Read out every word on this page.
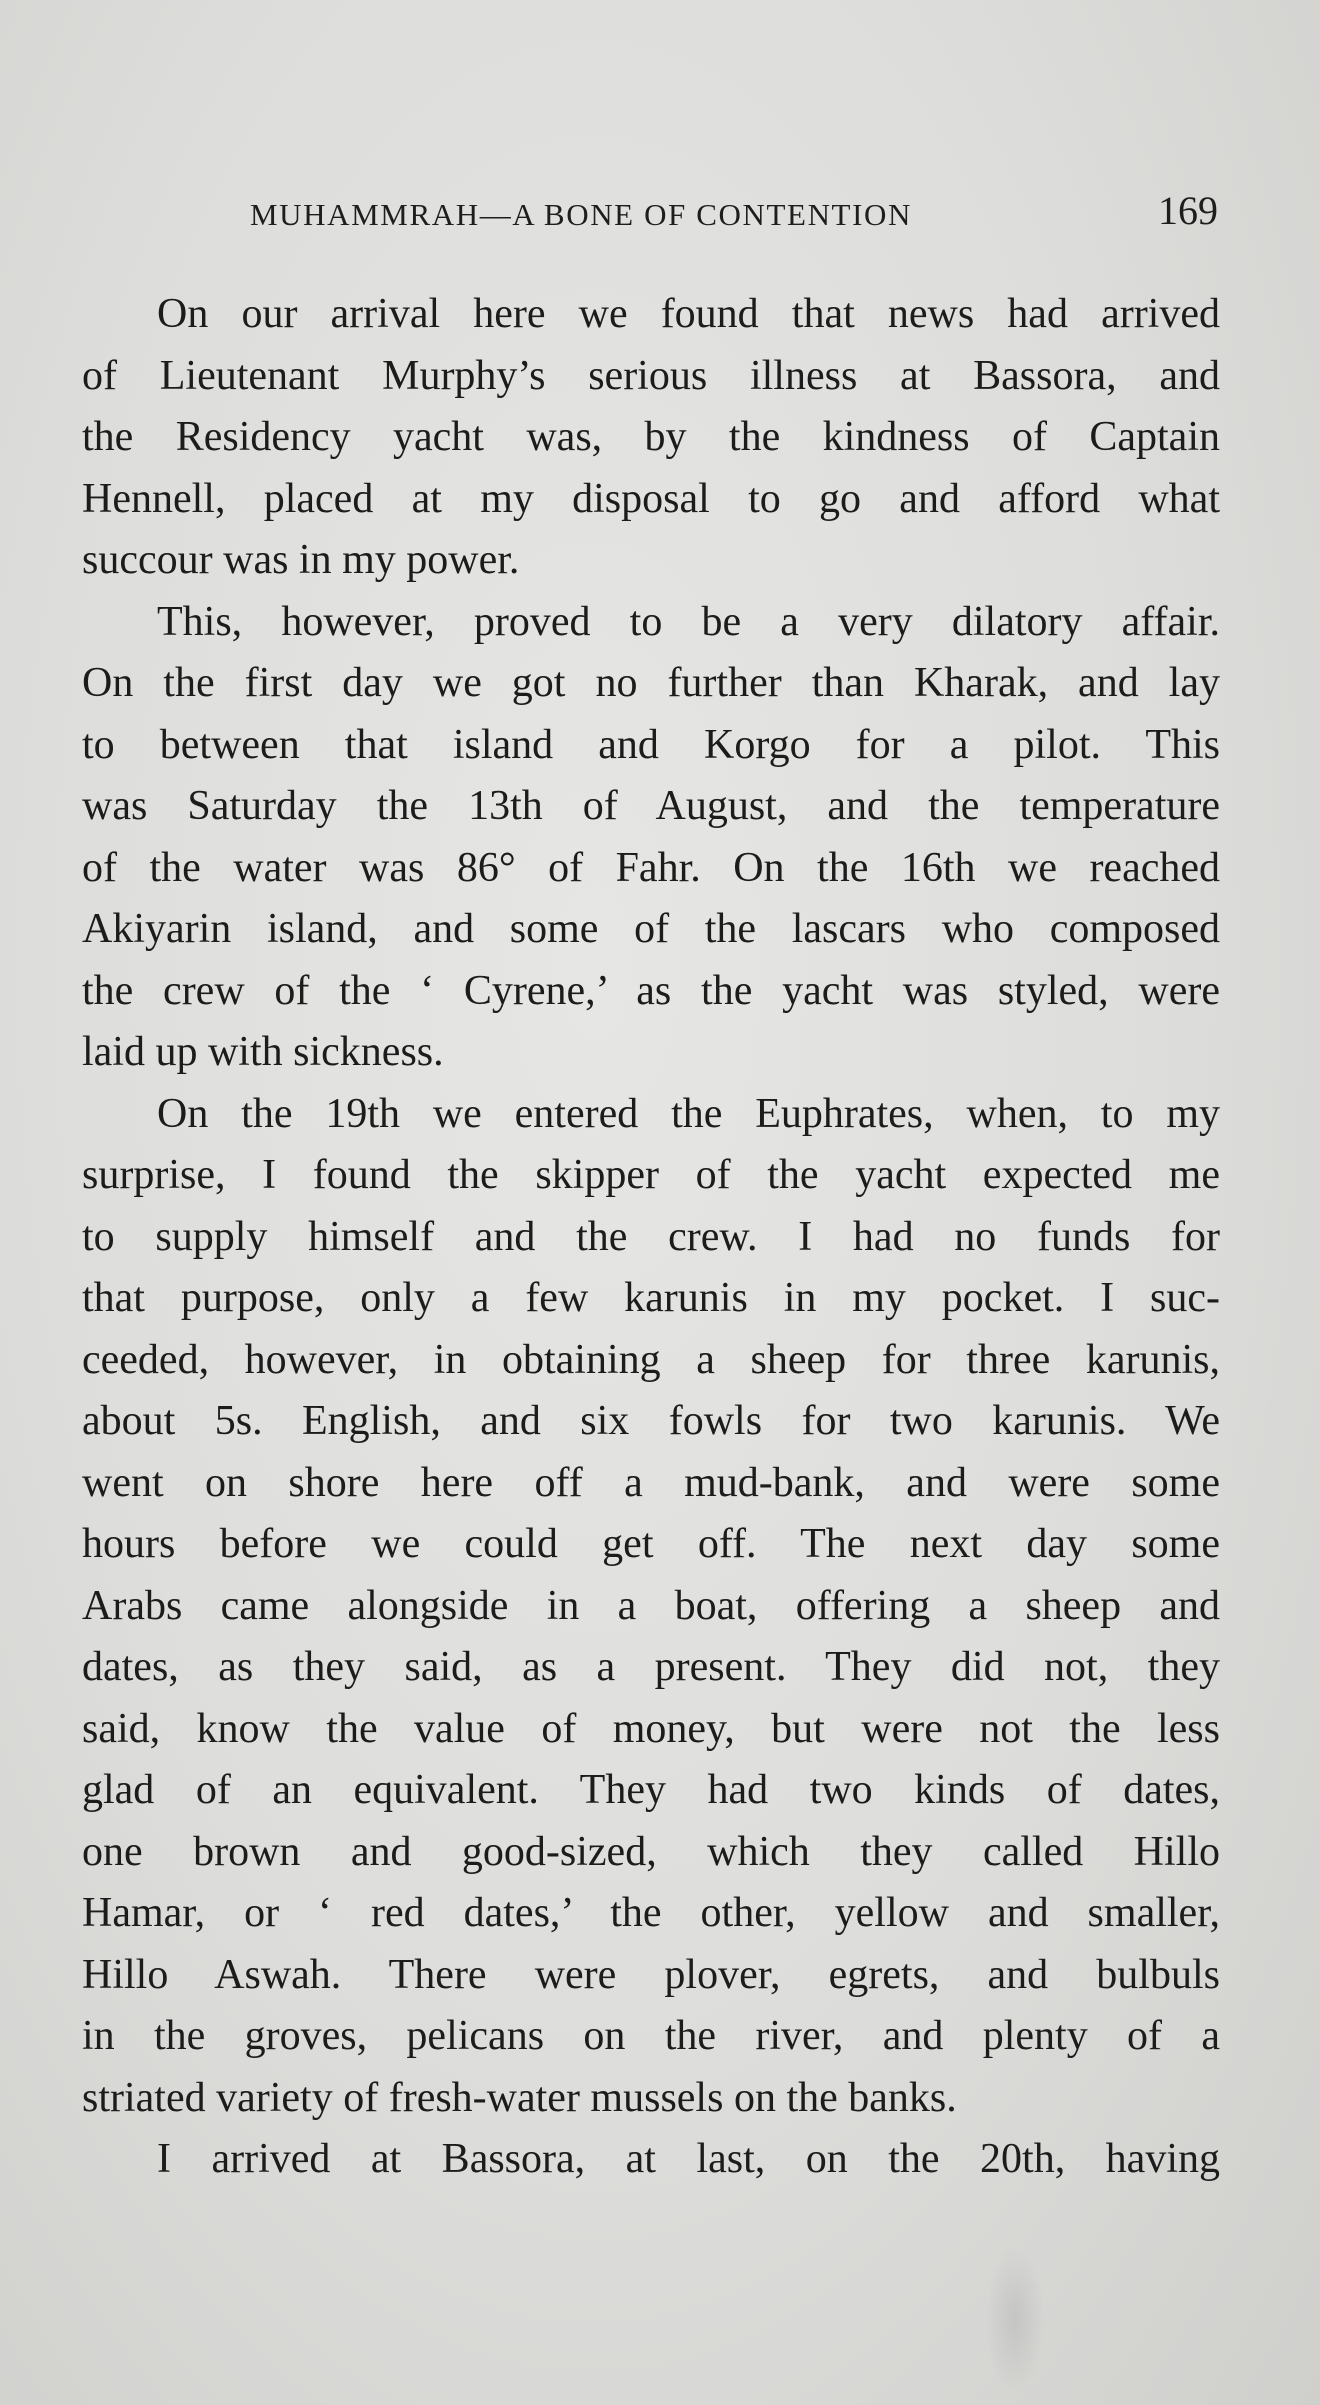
MUHAMMRAH—A BONE OF CONTENTION	169
On our arrival here we found that news had arrived
of Lieutenant Murphy’s serious illness at Bassora, and
the Residency yacht was, by the kindness of Captain
Hennell, placed at my disposal to go and afford what
succour was in my power.
This, however, proved to be a very dilatory affair.
On the first day we got no further than Kharak, and lay
to between that island and Korgo for a pilot. This
was Saturday the 13th of August, and the temperature
of the water was 86° of Fahr. On the 16th we reached
Akiyarin island, and some of the lascars who composed
the crew of the ‘ Cyrene,’ as the yacht was styled, were
laid up with sickness.
On the 19th we entered the Euphrates, when, to my
surprise, I found the skipper of the yacht expected me
to supply himself and the crew. I had no funds for
that purpose, only a few karunis in my pocket. I suc-
ceeded, however, in obtaining a sheep for three karunis,
about 5s. English, and six fowls for two karunis. We
went on shore here off a mud-bank, and were some
hours before we could get off. The next day some
Arabs came alongside in a boat, offering a sheep and
dates, as they said, as a present. They did not, they
said, know the value of money, but were not the less
glad of an equivalent. They had two kinds of dates,
one brown and good-sized, which they called Hillo
Hamar, or ‘ red dates,’ the other, yellow and smaller,
Hillo Aswah. There were plover, egrets, and bulbuls
in the groves, pelicans on the river, and plenty of a
striated variety of fresh-water mussels on the banks.
I arrived at Bassora, at last, on the 20th, having
